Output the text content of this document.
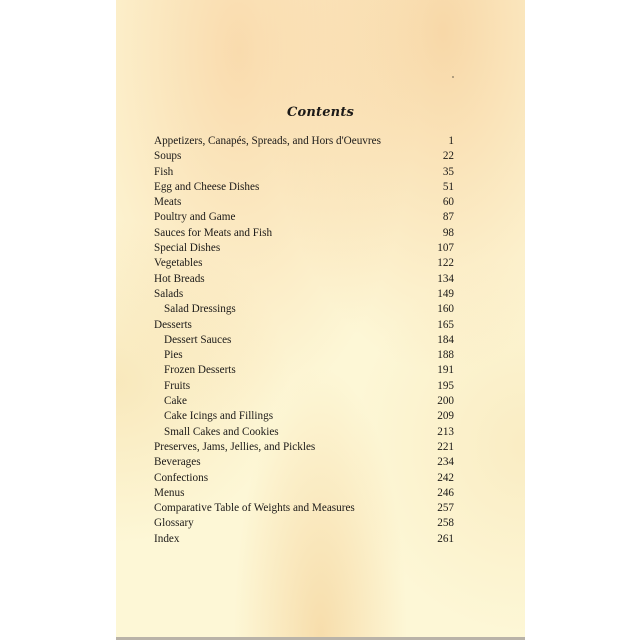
Contents
Appetizers, Canapés, Spreads, and Hors d'Oeuvres	1
Soups	22
Fish	35
Egg and Cheese Dishes	51
Meats	60
Poultry and Game	87
Sauces for Meats and Fish	98
Special Dishes	107
Vegetables	122
Hot Breads	134
Salads	149
Salad Dressings	160
Desserts	165
Dessert Sauces	184
Pies	188
Frozen Desserts	191
Fruits	195
Cake	200
Cake Icings and Fillings	209
Small Cakes and Cookies	213
Preserves, Jams, Jellies, and Pickles	221
Beverages	234
Confections	242
Menus	246
Comparative Table of Weights and Measures	257
Glossary	258
Index	261
